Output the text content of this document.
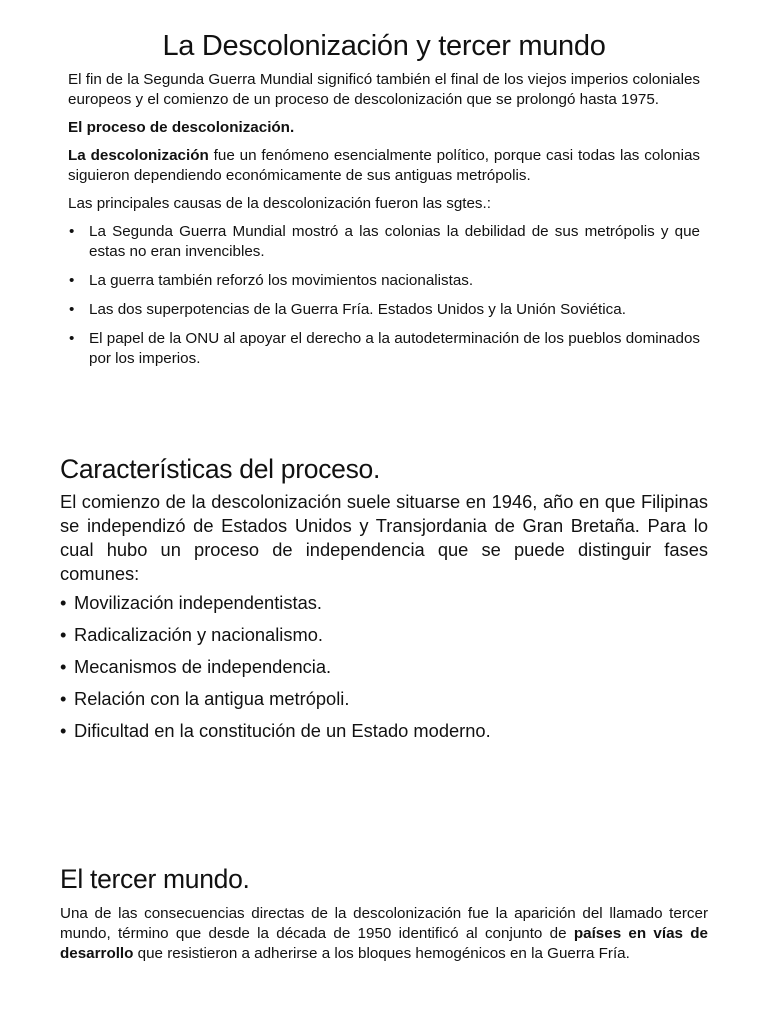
La Descolonización y tercer mundo

El fin de la Segunda Guerra Mundial significó también el final de los viejos imperios coloniales europeos y el comienzo de un proceso de descolonización que se prolongó hasta 1975.

El proceso de descolonización.

La descolonización fue un fenómeno esencialmente político, porque casi todas las colonias siguieron dependiendo económicamente de sus antiguas metrópolis.

Las principales causas de la descolonización fueron las sgtes.:

• La Segunda Guerra Mundial mostró a las colonias la debilidad de sus metrópolis y que estas no eran invencibles.
• La guerra también reforzó los movimientos nacionalistas.
• Las dos superpotencias de la Guerra Fría. Estados Unidos y la Unión Soviética.
• El papel de la ONU al apoyar el derecho a la autodeterminación de los pueblos dominados por los imperios.
Características del proceso.

El comienzo de la descolonización suele situarse en 1946, año en que Filipinas se independizó de Estados Unidos y Transjordania de Gran Bretaña. Para lo cual hubo un proceso de independencia que se puede distinguir fases comunes:

• Movilización independentistas.
• Radicalización y nacionalismo.
• Mecanismos de independencia.
• Relación con la antigua metrópoli.
• Dificultad en la constitución de un Estado moderno.
El tercer mundo.

Una de las consecuencias directas de la descolonización fue la aparición del llamado tercer mundo, término que desde la década de 1950 identificó al conjunto de países en vías de desarrollo que resistieron a adherirse a los bloques hemogénicos en la Guerra Fría.
